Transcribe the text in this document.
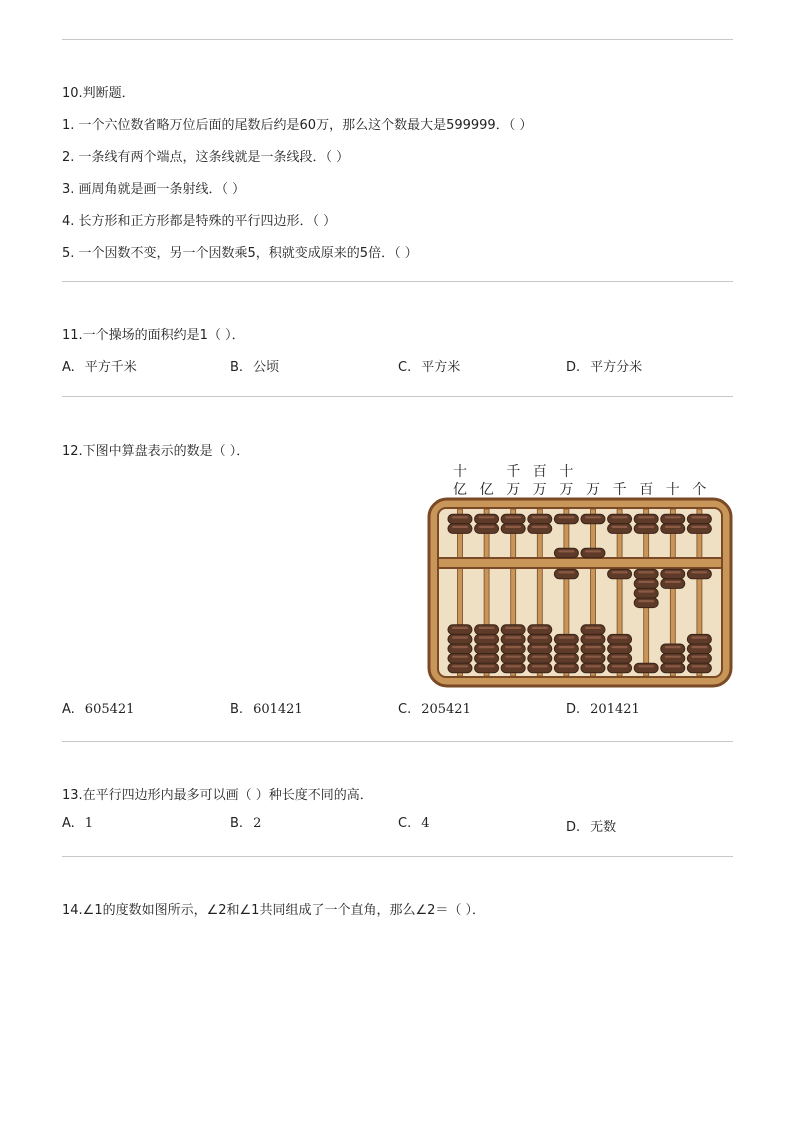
10.判断题．
1. 一个六位数省略万位后面的尾数后约是60万，那么这个数最大是599999．（ ）
2. 一条线有两个端点，这条线就是一条线段．（ ）
3. 画周角就是画一条射线．（ ）
4. 长方形和正方形都是特殊的平行四边形．（ ）
5. 一个因数不变，另一个因数乘5，积就变成原来的5倍．（ ）
11.一个操场的面积约是1（ ）．
A. 平方千米	B. 公顷	C. 平方米	D. 平方分米
12.下图中算盘表示的数是（ ）．
十
亿 亿
千
万
百
万
十
万 万 千 百 十 个
A. 605421	B. 601421	C. 205421	D. 201421
13.在平行四边形内最多可以画（ ）种长度不同的高．
A. 1	B. 2	C. 4	D. 无数
14.∠1的度数如图所示，∠2和∠1共同组成了一个直角，那么∠2＝（ ）．
